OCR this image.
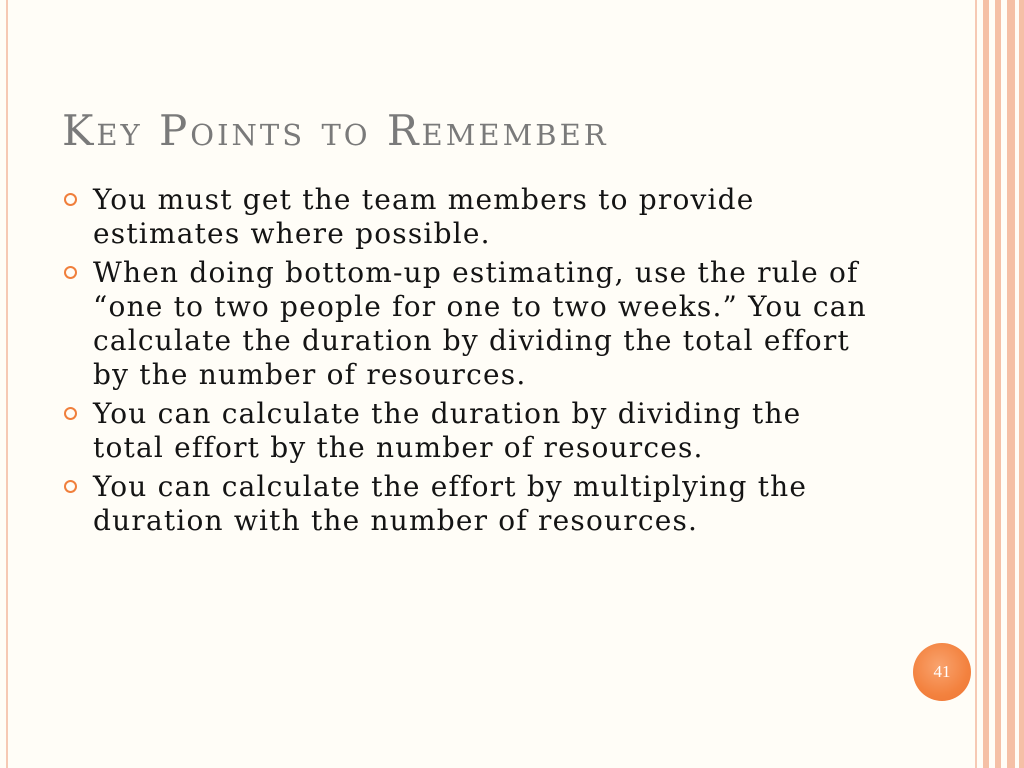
Key Points to Remember
You must get the team members to provide
estimates where possible.
When doing bottom-up estimating, use the rule of
“one to two people for one to two weeks.” You can
calculate the duration by dividing the total effort
by the number of resources.
You can calculate the duration by dividing the
total effort by the number of resources.
You can calculate the effort by multiplying the
duration with the number of resources.
41
